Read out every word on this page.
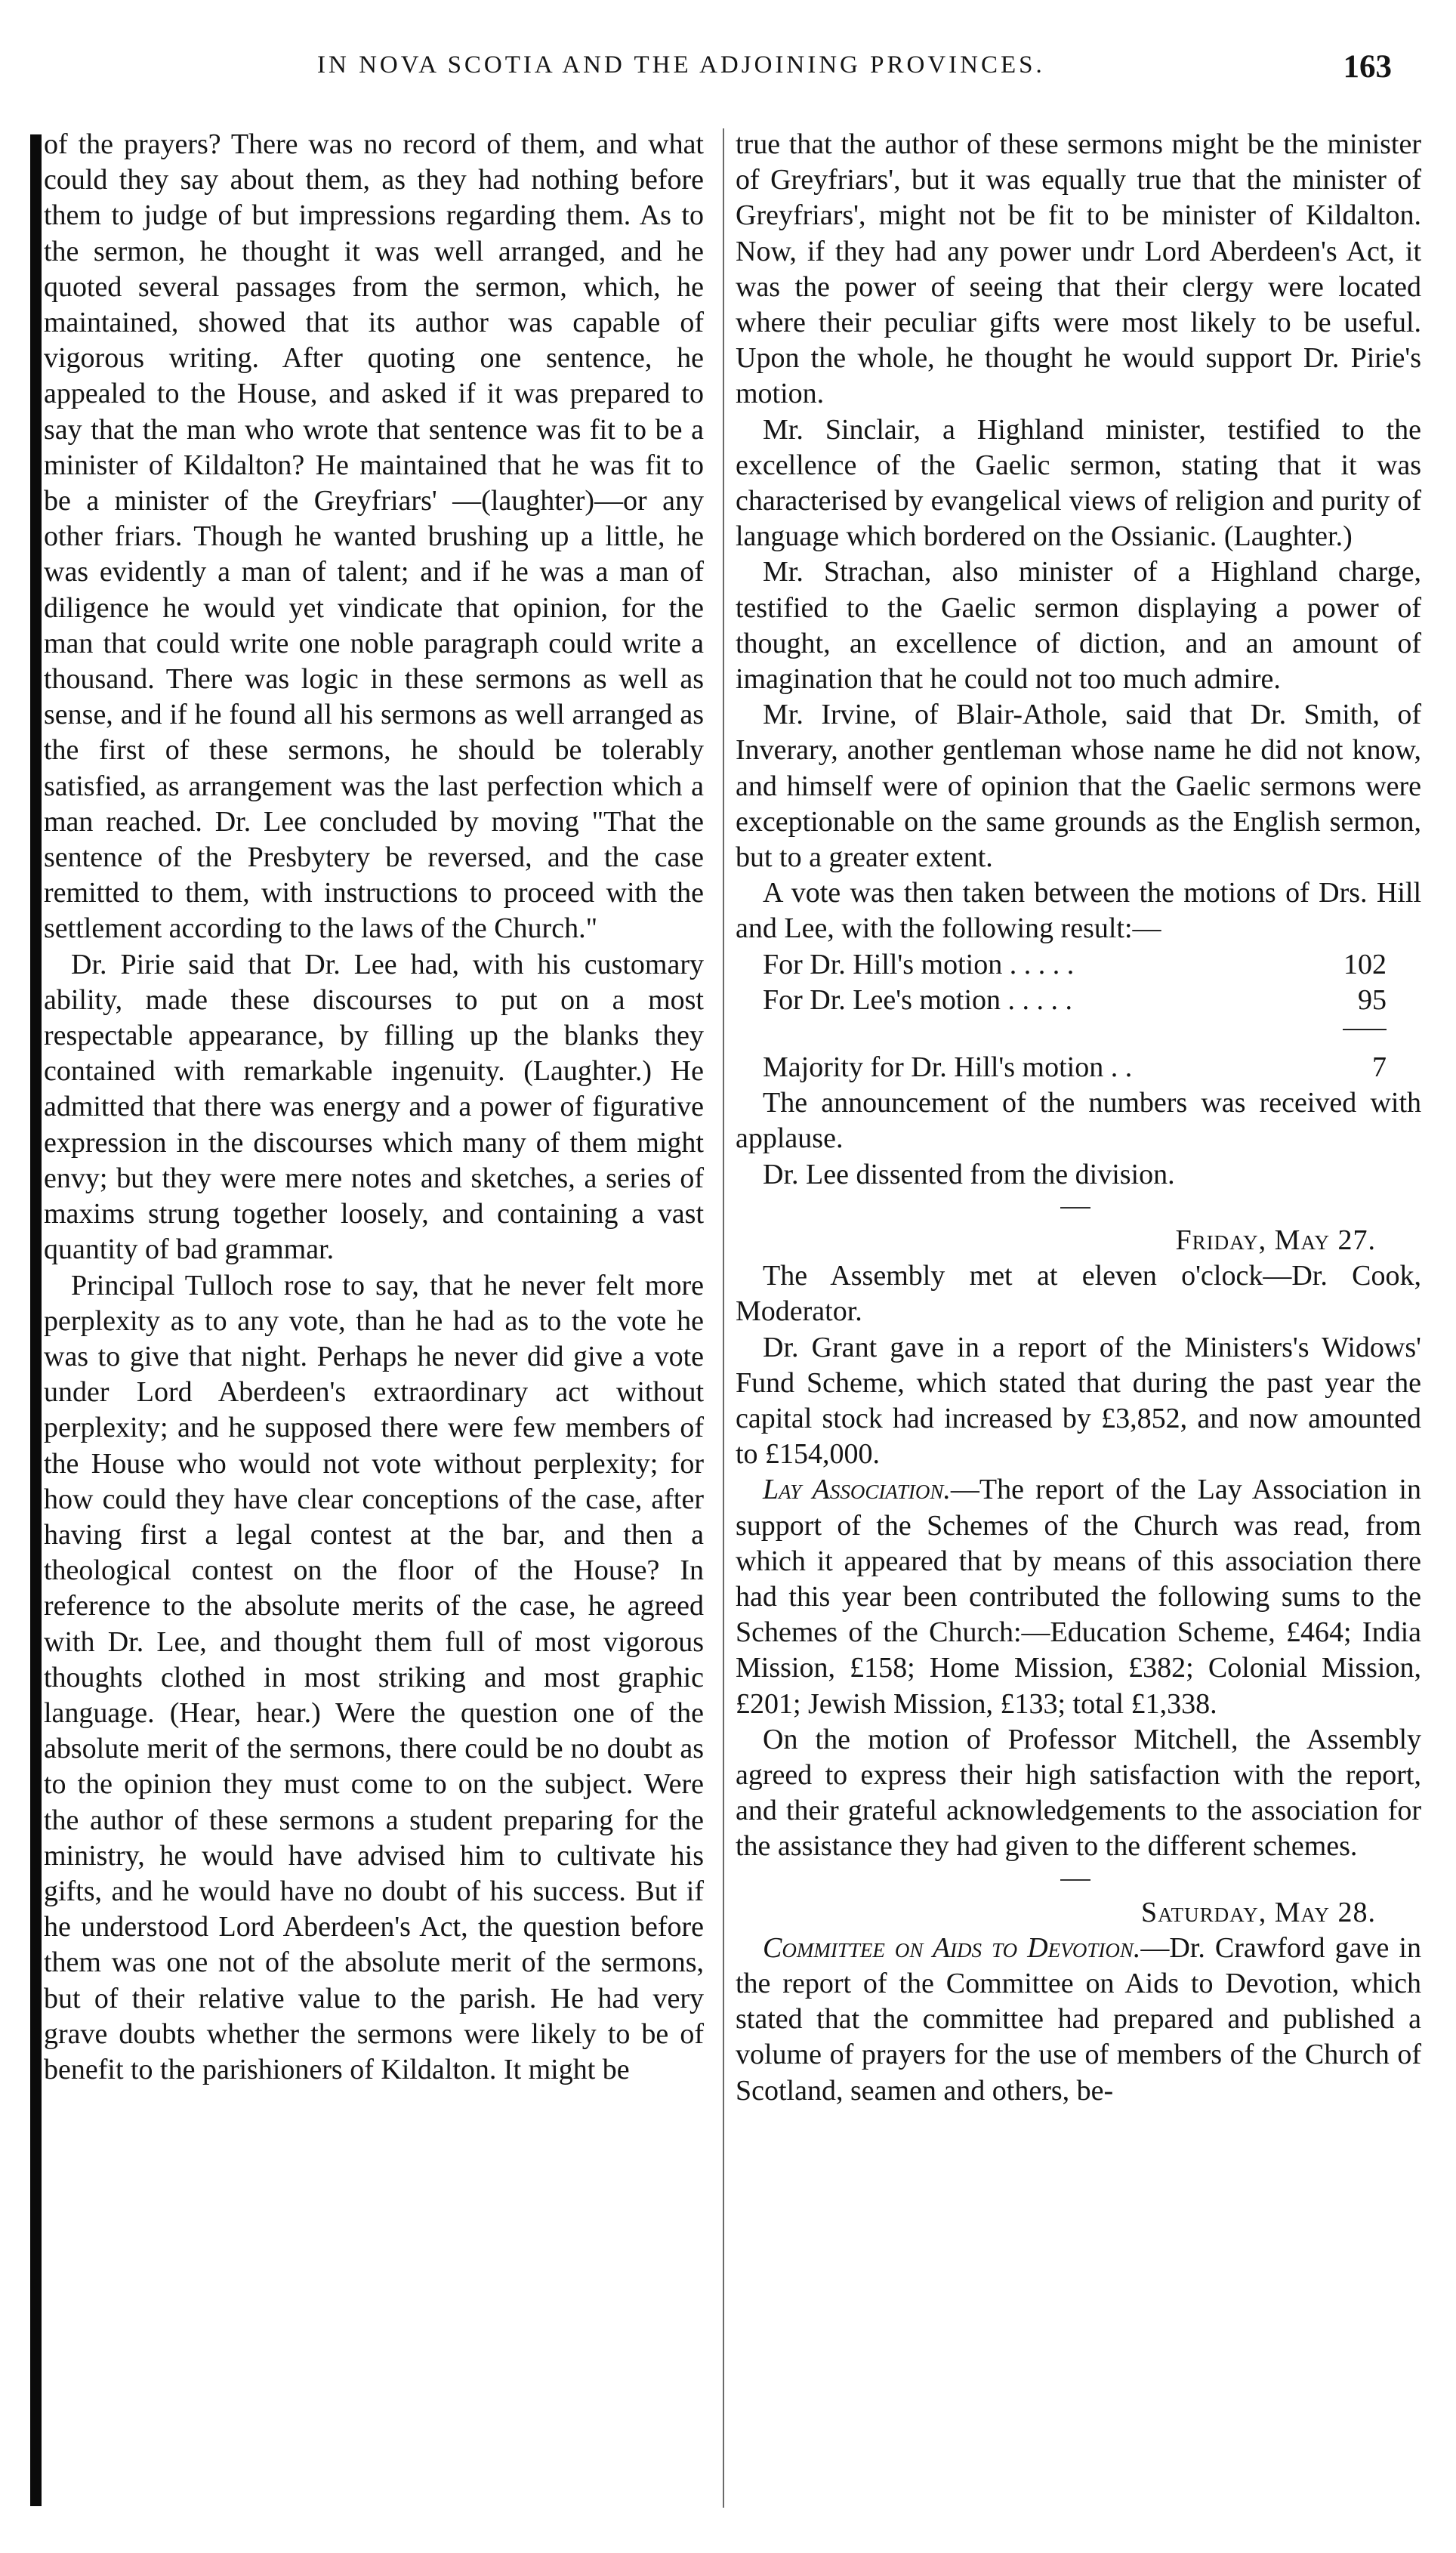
IN NOVA SCOTIA AND THE ADJOINING PROVINCES.	163

of the prayers? There was no record of them, and what could they say about them, as they had nothing before them to judge of but impressions regarding them. As to the sermon, he thought it was well arranged, and he quoted several passages from the sermon, which, he maintained, showed that its author was capable of vigorous writing. After quoting one sentence, he appealed to the House, and asked if it was prepared to say that the man who wrote that sentence was fit to be a minister of Kildalton? He maintained that he was fit to be a minister of the Greyfriars' —(laughter)—or any other friars. Though he wanted brushing up a little, he was evidently a man of talent; and if he was a man of diligence he would yet vindicate that opinion, for the man that could write one noble paragraph could write a thousand. There was logic in these sermons as well as sense, and if he found all his sermons as well arranged as the first of these sermons, he should be tolerably satisfied, as arrangement was the last perfection which a man reached. Dr. Lee concluded by moving "That the sentence of the Presbytery be reversed, and the case remitted to them, with instructions to proceed with the settlement according to the laws of the Church."

Dr. Pirie said that Dr. Lee had, with his customary ability, made these discourses to put on a most respectable appearance, by filling up the blanks they contained with remarkable ingenuity. (Laughter.) He admitted that there was energy and a power of figurative expression in the discourses which many of them might envy; but they were mere notes and sketches, a series of maxims strung together loosely, and containing a vast quantity of bad grammar.

Principal Tulloch rose to say, that he never felt more perplexity as to any vote, than he had as to the vote he was to give that night. Perhaps he never did give a vote under Lord Aberdeen's extraordinary act without perplexity; and he supposed there were few members of the House who would not vote without perplexity; for how could they have clear conceptions of the case, after having first a legal contest at the bar, and then a theological contest on the floor of the House? In reference to the absolute merits of the case, he agreed with Dr. Lee, and thought them full of most vigorous thoughts clothed in most striking and most graphic language. (Hear, hear.) Were the question one of the absolute merit of the sermons, there could be no doubt as to the opinion they must come to on the subject. Were the author of these sermons a student preparing for the ministry, he would have advised him to cultivate his gifts, and he would have no doubt of his success. But if he understood Lord Aberdeen's Act, the question before them was one not of the absolute merit of the sermons, but of their relative value to the parish. He had very grave doubts whether the sermons were likely to be of benefit to the parishioners of Kildalton. It might be

true that the author of these sermons might be the minister of Greyfriars', but it was equally true that the minister of Greyfriars', might not be fit to be minister of Kildalton. Now, if they had any power undr Lord Aberdeen's Act, it was the power of seeing that their clergy were located where their peculiar gifts were most likely to be useful. Upon the whole, he thought he would support Dr. Pirie's motion.

Mr. Sinclair, a Highland minister, testified to the excellence of the Gaelic sermon, stating that it was characterised by evangelical views of religion and purity of language which bordered on the Ossianic. (Laughter.)

Mr. Strachan, also minister of a Highland charge, testified to the Gaelic sermon displaying a power of thought, an excellence of diction, and an amount of imagination that he could not too much admire.

Mr. Irvine, of Blair-Athole, said that Dr. Smith, of Inverary, another gentleman whose name he did not know, and himself were of opinion that the Gaelic sermons were exceptionable on the same grounds as the English sermon, but to a greater extent.

A vote was then taken between the motions of Drs. Hill and Lee, with the following result:—

For Dr. Hill's motion . . . . .	102
For Dr. Lee's motion . . . . .	95
Majority for Dr. Hill's motion . .	7

The announcement of the numbers was received with applause.

Dr. Lee dissented from the division.

Friday, May 27.

The Assembly met at eleven o'clock—Dr. Cook, Moderator.

Dr. Grant gave in a report of the Ministers's Widows' Fund Scheme, which stated that during the past year the capital stock had increased by £3,852, and now amounted to £154,000.

Lay Association.—The report of the Lay Association in support of the Schemes of the Church was read, from which it appeared that by means of this association there had this year been contributed the following sums to the Schemes of the Church:—Education Scheme, £464; India Mission, £158; Home Mission, £382; Colonial Mission, £201; Jewish Mission, £133; total £1,338.

On the motion of Professor Mitchell, the Assembly agreed to express their high satisfaction with the report, and their grateful acknowledgements to the association for the assistance they had given to the different schemes.

Saturday, May 28.

Committee on Aids to Devotion.—Dr. Crawford gave in the report of the Committee on Aids to Devotion, which stated that the committee had prepared and published a volume of prayers for the use of members of the Church of Scotland, seamen and others, be-
